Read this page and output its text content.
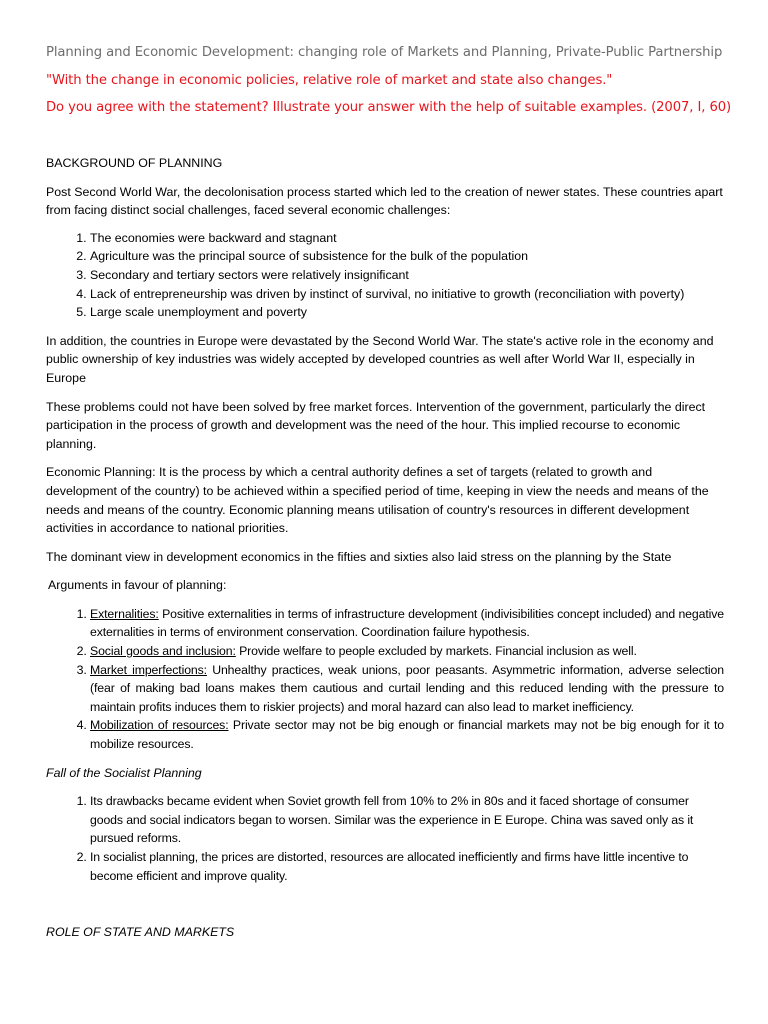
Planning and Economic Development: changing role of Markets and Planning, Private-Public Partnership
"With the change in economic policies, relative role of market and state also changes."
Do you agree with the statement? Illustrate your answer with the help of suitable examples. (2007, I, 60)
BACKGROUND OF PLANNING

Post Second World War, the decolonisation process started which led to the creation of newer states. These countries apart from facing distinct social challenges, faced several economic challenges:

1. The economies were backward and stagnant
2. Agriculture was the principal source of subsistence for the bulk of the population
3. Secondary and tertiary sectors were relatively insignificant
4. Lack of entrepreneurship was driven by instinct of survival, no initiative to growth (reconciliation with poverty)
5. Large scale unemployment and poverty

In addition, the countries in Europe were devastated by the Second World War. The state's active role in the economy and public ownership of key industries was widely accepted by developed countries as well after World War II, especially in Europe

These problems could not have been solved by free market forces. Intervention of the government, particularly the direct participation in the process of growth and development was the need of the hour. This implied recourse to economic planning.

Economic Planning: It is the process by which a central authority defines a set of targets (related to growth and development of the country) to be achieved within a specified period of time, keeping in view the needs and means of the needs and means of the country. Economic planning means utilisation of country's resources in different development activities in accordance to national priorities.

The dominant view in development economics in the fifties and sixties also laid stress on the planning by the State

Arguments in favour of planning:
1. Externalities: Positive externalities in terms of infrastructure development (indivisibilities concept included) and negative externalities in terms of environment conservation. Coordination failure hypothesis.
2. Social goods and inclusion: Provide welfare to people excluded by markets. Financial inclusion as well.
3. Market imperfections: Unhealthy practices, weak unions, poor peasants. Asymmetric information, adverse selection (fear of making bad loans makes them cautious and curtail lending and this reduced lending with the pressure to maintain profits induces them to riskier projects) and moral hazard can also lead to market inefficiency.
4. Mobilization of resources: Private sector may not be big enough or financial markets may not be big enough for it to mobilize resources.
Fall of the Socialist Planning
1. Its drawbacks became evident when Soviet growth fell from 10% to 2% in 80s and it faced shortage of consumer goods and social indicators began to worsen. Similar was the experience in E Europe. China was saved only as it pursued reforms.
2. In socialist planning, the prices are distorted, resources are allocated inefficiently and firms have little incentive to become efficient and improve quality.
ROLE OF STATE AND MARKETS
